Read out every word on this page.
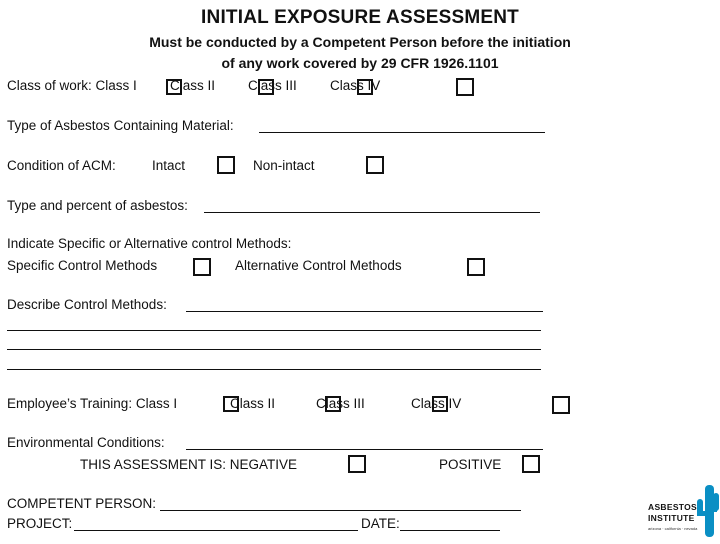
INITIAL EXPOSURE ASSESSMENT
Must be conducted by a Competent Person before the initiation
of any work covered by 29 CFR 1926.1101
Class of work: Class I Class II Class III Class IV
Type of Asbestos Containing Material:
Condition of ACM:	Intact	Non-intact
Type and percent of asbestos:
Indicate Specific or Alternative control Methods:
Specific Control Methods	Alternative Control Methods
Describe Control Methods:
Employee’s Training: Class I	Class II	Class III	Class IV
Environmental Conditions:
THIS ASSESSMENT IS: NEGATIVE	POSITIVE
COMPETENT PERSON:
PROJECT:	DATE:
ASBESTOS
INSTITUTE
arizona · california · nevada
